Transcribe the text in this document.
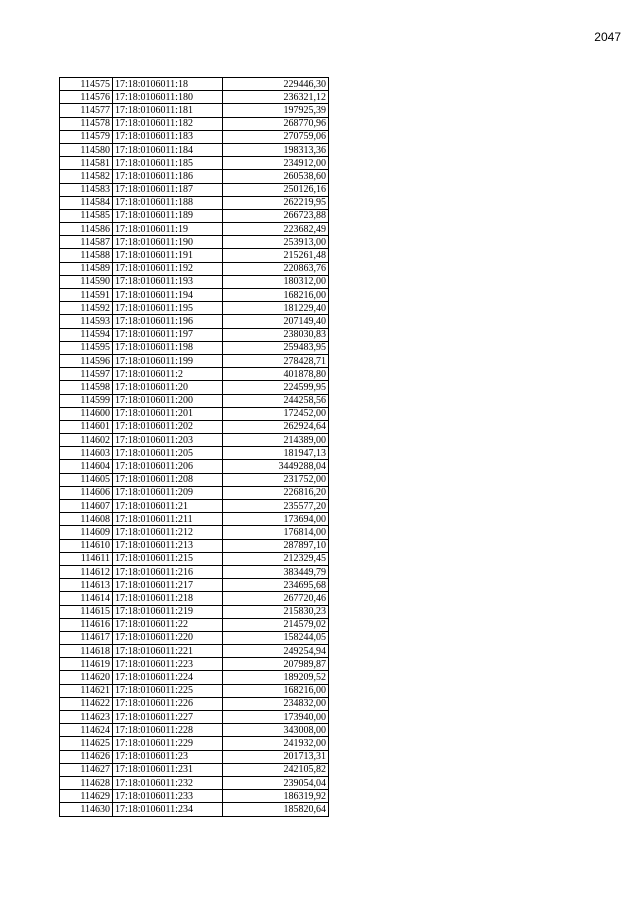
2047
114575	17:18:0106011:18	229446,30
114576	17:18:0106011:180	236321,12
114577	17:18:0106011:181	197925,39
114578	17:18:0106011:182	268770,96
114579	17:18:0106011:183	270759,06
114580	17:18:0106011:184	198313,36
114581	17:18:0106011:185	234912,00
114582	17:18:0106011:186	260538,60
114583	17:18:0106011:187	250126,16
114584	17:18:0106011:188	262219,95
114585	17:18:0106011:189	266723,88
114586	17:18:0106011:19	223682,49
114587	17:18:0106011:190	253913,00
114588	17:18:0106011:191	215261,48
114589	17:18:0106011:192	220863,76
114590	17:18:0106011:193	180312,00
114591	17:18:0106011:194	168216,00
114592	17:18:0106011:195	181229,40
114593	17:18:0106011:196	207149,40
114594	17:18:0106011:197	238030,83
114595	17:18:0106011:198	259483,95
114596	17:18:0106011:199	278428,71
114597	17:18:0106011:2	401878,80
114598	17:18:0106011:20	224599,95
114599	17:18:0106011:200	244258,56
114600	17:18:0106011:201	172452,00
114601	17:18:0106011:202	262924,64
114602	17:18:0106011:203	214389,00
114603	17:18:0106011:205	181947,13
114604	17:18:0106011:206	3449288,04
114605	17:18:0106011:208	231752,00
114606	17:18:0106011:209	226816,20
114607	17:18:0106011:21	235577,20
114608	17:18:0106011:211	173694,00
114609	17:18:0106011:212	176814,00
114610	17:18:0106011:213	287897,10
114611	17:18:0106011:215	212329,45
114612	17:18:0106011:216	383449,79
114613	17:18:0106011:217	234695,68
114614	17:18:0106011:218	267720,46
114615	17:18:0106011:219	215830,23
114616	17:18:0106011:22	214579,02
114617	17:18:0106011:220	158244,05
114618	17:18:0106011:221	249254,94
114619	17:18:0106011:223	207989,87
114620	17:18:0106011:224	189209,52
114621	17:18:0106011:225	168216,00
114622	17:18:0106011:226	234832,00
114623	17:18:0106011:227	173940,00
114624	17:18:0106011:228	343008,00
114625	17:18:0106011:229	241932,00
114626	17:18:0106011:23	201713,31
114627	17:18:0106011:231	242105,82
114628	17:18:0106011:232	239054,04
114629	17:18:0106011:233	186319,92
114630	17:18:0106011:234	185820,64
